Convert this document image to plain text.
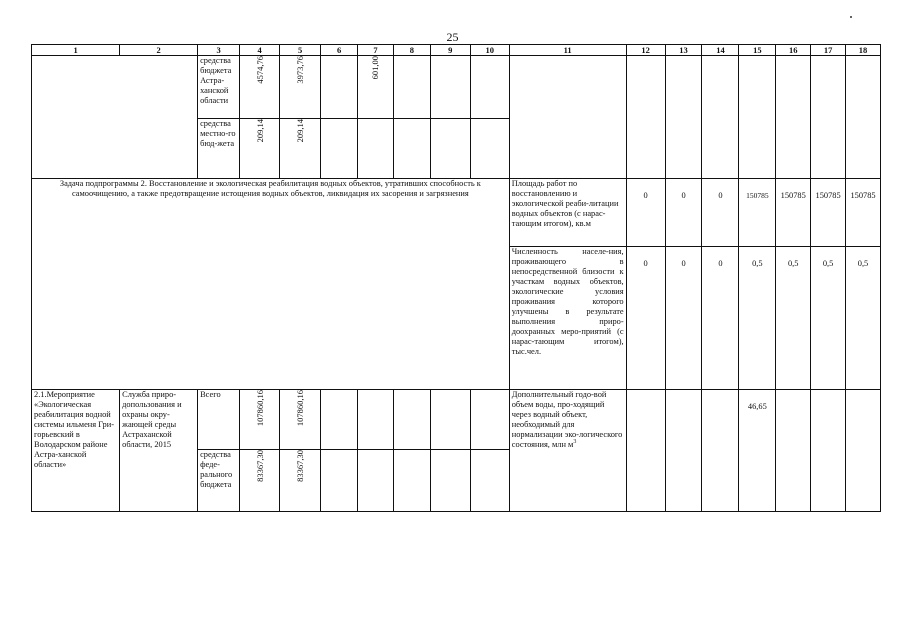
25
1	2	3	4	5	6	7	8	9	10	11	12	13	14	15	16	17	18
		средства бюджета Астра-ханской области	4574,76	3973,76		601,00											
		средства местно-го бюд-жета	209,14	209,14													
Задача подпрограммы 2. Восстановление и экологическая реабилитация водных объектов, утративших способность к самоочищению, а также предотвращение истощения водных объектов, ликвидация их засорения и загрязнения										Площадь работ по восстановлению и экологической реаби-литации водных объектов (с нарас-тающим итогом), кв.м	0	0	0	150785	150785	150785	150785
										Численность населе-ния, проживающего в непосредственной близости к участкам водных объектов, экологические условия проживания которого улучшены в результате выполнения приро-доохранных меро-приятий (с нарас-тающим итогом), тыс.чел.	0	0	0	0,5	0,5	0,5	0,5
2.1.Мероприятие «Экологическая реабилитация водной системы ильменя Гри-горьевский в Володарском районе Астра-ханской области»	Служба приро-допользования и охраны окру-жающей среды Астраханской области, 2015	Всего	107860,16	107860,16						Дополнительный годо-вой объем воды, про-ходящий через водный объект, необходимый для нормализации эко-логического состояния, млн $м^3$				46,65			
		средства феде-рального бюджета	83367,30	83367,30													
